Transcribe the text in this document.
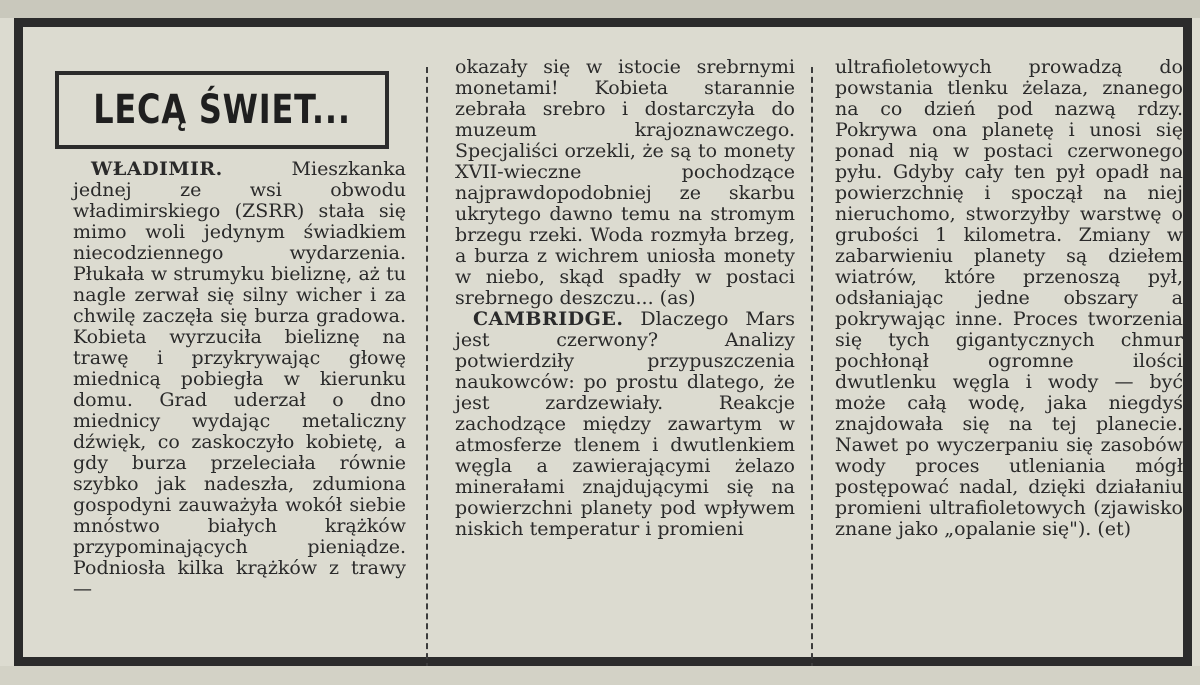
LECĄ ŚWIET...

WŁADIMIR.	Mieszkanka jednej ze wsi obwodu władimirskiego (ZSRR) stała się mimo woli jedynym świadkiem niecodziennego wydarzenia. Płukała w strumyku bieliznę, aż tu nagle zerwał się silny wicher i za chwilę zaczęła się burza gradowa. Kobieta wyrzuciła bieliznę na trawę i przykrywając głowę miednicą pobiegła w kierunku domu. Grad uderzał o dno miednicy wydając metaliczny dźwięk, co zaskoczyło kobietę, a gdy burza przeleciała równie szybko jak nadeszła, zdumiona gospodyni zauważyła wokół siebie mnóstwo białych krążków przypominających pieniądze. Podniosła kilka krążków z trawy —

okazały się w istocie srebrnymi monetami! Kobieta starannie zebrała srebro i dostarczyła do muzeum krajoznawczego. Specjaliści orzekli, że są to monety XVII-wieczne pochodzące najprawdopodobniej ze skarbu ukrytego dawno temu na stromym brzegu rzeki. Woda rozmyła brzeg, a burza z wichrem uniosła monety w niebo, skąd spadły w postaci srebrnego deszczu... (as)

CAMBRIDGE. Dlaczego Mars jest czerwony? Analizy potwierdziły przypuszczenia naukowców: po prostu dlatego, że jest zardzewiały. Reakcje zachodzące między zawartym w atmosferze tlenem i dwutlenkiem węgla a zawierającymi żelazo minerałami znajdującymi się na powierzchni planety pod wpływem niskich temperatur i promieni

ultrafioletowych prowadzą do powstania tlenku żelaza, znanego na co dzień pod nazwą rdzy. Pokrywa ona planetę i unosi się ponad nią w postaci czerwonego pyłu. Gdyby cały ten pył opadł na powierzchnię i spoczął na niej nieruchomo, stworzyłby warstwę o grubości 1 kilometra. Zmiany w zabarwieniu planety są dziełem wiatrów, które przenoszą pył, odsłaniając jedne obszary a pokrywając inne. Proces tworzenia się tych gigantycznych chmur pochłonął ogromne ilości dwutlenku węgla i wody — być może całą wodę, jaka niegdyś znajdowała się na tej planecie. Nawet po wyczerpaniu się zasobów wody proces utleniania mógł postępować nadal, dzięki działaniu promieni ultrafioletowych (zjawisko znane jako „opalanie się"). (et)
